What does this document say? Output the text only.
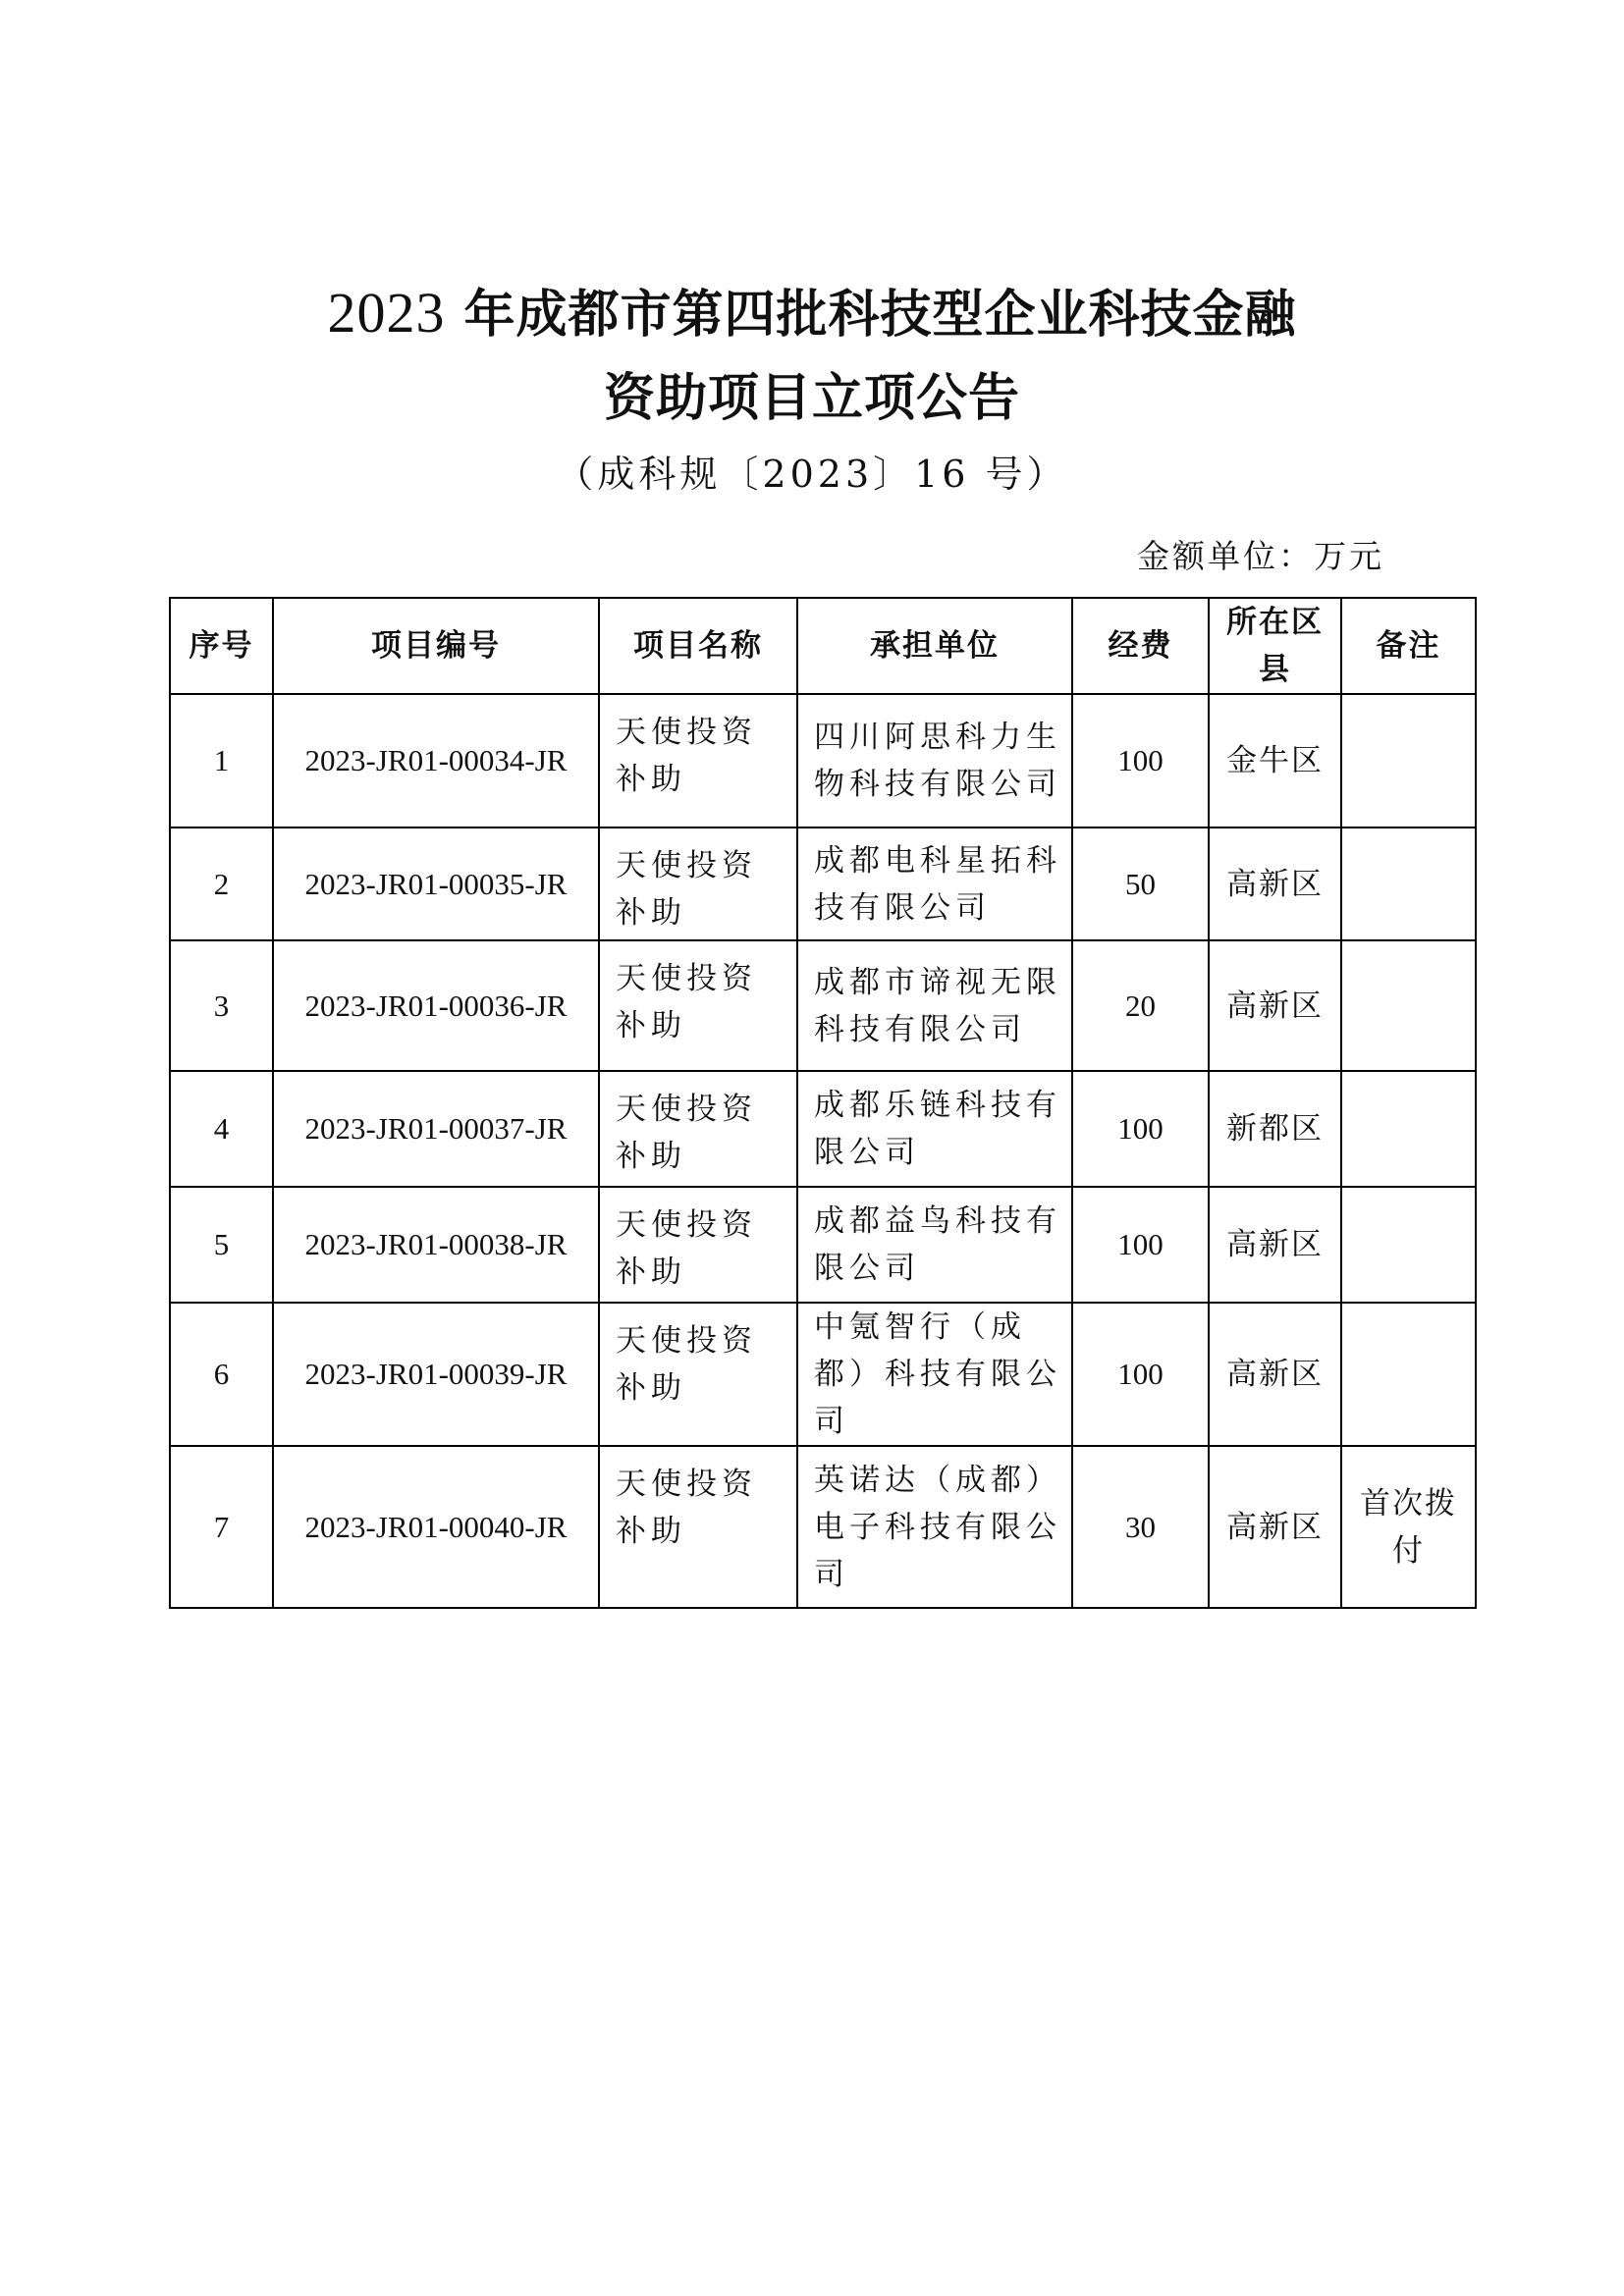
2023 年成都市第四批科技型企业科技金融
资助项目立项公告
（成科规〔2023〕16 号）
金额单位：万元
序号	项目编号	项目名称	承担单位	经费	所在区县	备注
1	2023-JR01-00034-JR	天使投资补助	四川阿思科力生物科技有限公司	100	金牛区	
2	2023-JR01-00035-JR	天使投资补助	成都电科星拓科技有限公司	50	高新区	
3	2023-JR01-00036-JR	天使投资补助	成都市谛视无限科技有限公司	20	高新区	
4	2023-JR01-00037-JR	天使投资补助	成都乐链科技有限公司	100	新都区	
5	2023-JR01-00038-JR	天使投资补助	成都益鸟科技有限公司	100	高新区	
6	2023-JR01-00039-JR	天使投资补助	中氪智行（成都）科技有限公司	100	高新区	
7	2023-JR01-00040-JR	天使投资补助	英诺达（成都）电子科技有限公司	30	高新区	首次拨付
